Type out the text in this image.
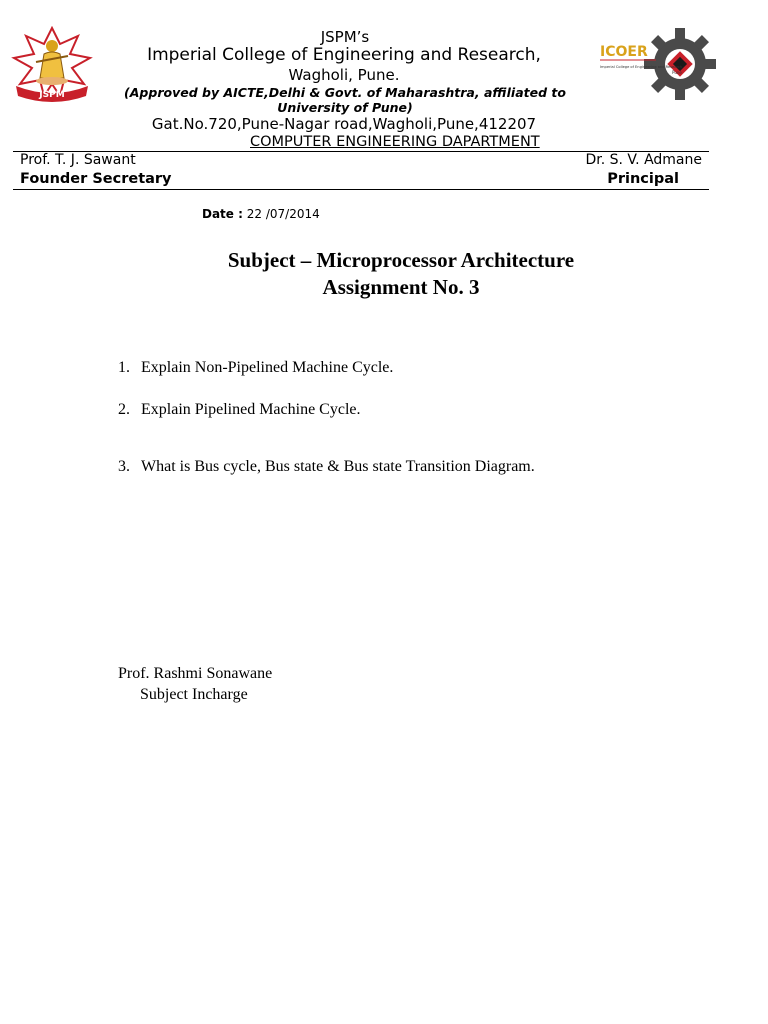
JSPM
ICOER
Imperial College of Engineering and Research
Pune
JSPM’s
Imperial College of Engineering and Research,
Wagholi, Pune.
(Approved by AICTE,Delhi & Govt. of Maharashtra, affiliated to University of Pune)
Gat.No.720,Pune-Nagar road,Wagholi,Pune,412207
COMPUTER ENGINEERING DAPARTMENT
Prof. T. J. Sawant
Founder Secretary
Dr. S. V. Admane
Principal
Date : 22 /07/2014
Subject – Microprocessor Architecture
Assignment No. 3
1. Explain Non-Pipelined Machine Cycle.
2. Explain Pipelined Machine Cycle.
3. What is Bus cycle, Bus state & Bus state Transition Diagram.
Prof. Rashmi Sonawane
Subject Incharge
